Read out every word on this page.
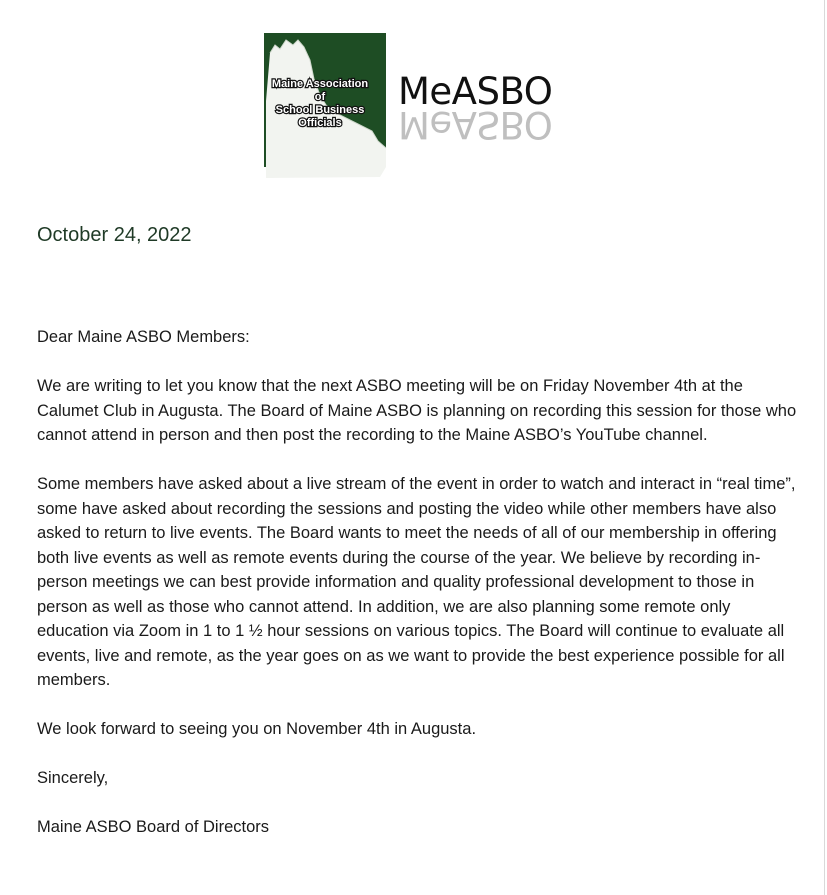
Maine Association
of
School Business
Officials
MeASBO
MeASBO
October 24, 2022

Dear Maine ASBO Members:

We are writing to let you know that the next ASBO meeting will be on Friday November 4th at the Calumet Club in Augusta. The Board of Maine ASBO is planning on recording this session for those who cannot attend in person and then post the recording to the Maine ASBO’s YouTube channel.

Some members have asked about a live stream of the event in order to watch and interact in “real time”, some have asked about recording the sessions and posting the video while other members have also asked to return to live events. The Board wants to meet the needs of all of our membership in offering both live events as well as remote events during the course of the year. We believe by recording in-person meetings we can best provide information and quality professional development to those in person as well as those who cannot attend. In addition, we are also planning some remote only education via Zoom in 1 to 1 ½ hour sessions on various topics. The Board will continue to evaluate all events, live and remote, as the year goes on as we want to provide the best experience possible for all members.

We look forward to seeing you on November 4th in Augusta.

Sincerely,

Maine ASBO Board of Directors
